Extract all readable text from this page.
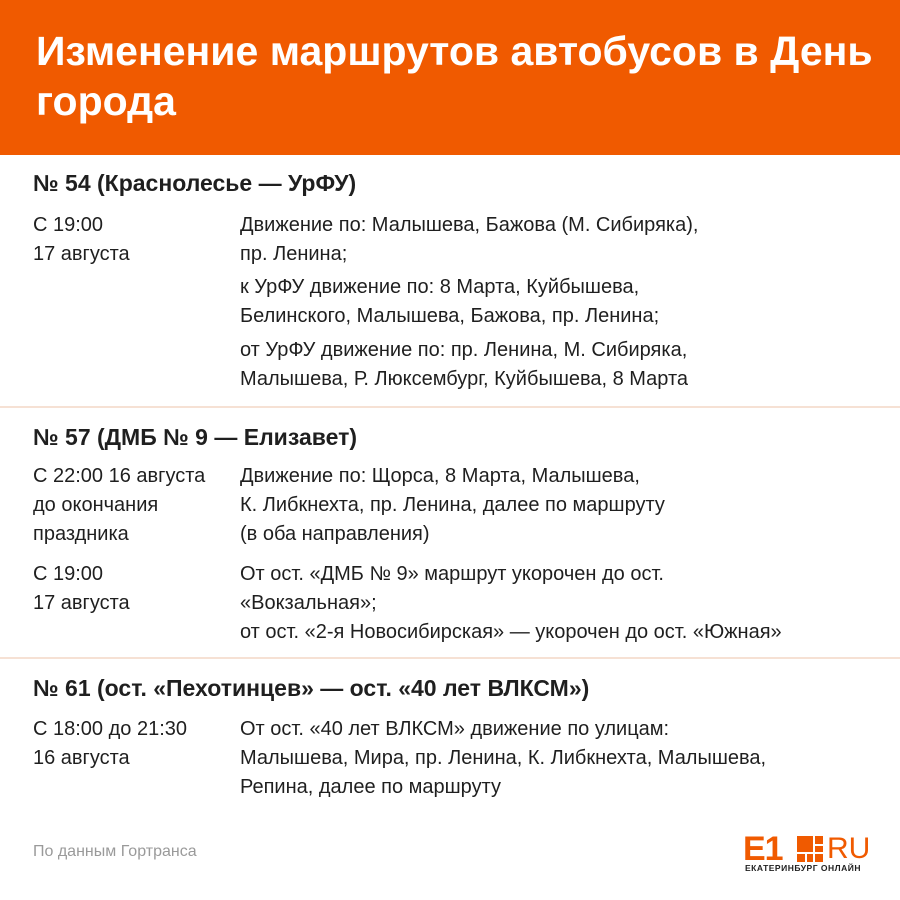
Изменение маршрутов автобусов в День города
№ 54 (Краснолесье — УрФУ)
С 19:00
17 августа
Движение по: Малышева, Бажова (М. Сибиряка),
пр. Ленина;
к УрФУ движение по: 8 Марта, Куйбышева,
Белинского, Малышева, Бажова, пр. Ленина;
от УрФУ движение по: пр. Ленина, М. Сибиряка,
Малышева, Р. Люксембург, Куйбышева, 8 Марта
№ 57 (ДМБ № 9 — Елизавет)
С 22:00 16 августа
до окончания
праздника
Движение по: Щорса, 8 Марта, Малышева,
К. Либкнехта, пр. Ленина, далее по маршруту
(в оба направления)
С 19:00
17 августа
От ост. «ДМБ № 9» маршрут укорочен до ост.
«Вокзальная»;
от ост. «2-я Новосибирская» — укорочен до ост. «Южная»
№ 61 (ост. «Пехотинцев» — ост. «40 лет ВЛКСМ»)
С 18:00 до 21:30
16 августа
От ост. «40 лет ВЛКСМ» движение по улицам:
Малышева, Мира, пр. Ленина, К. Либкнехта, Малышева,
Репина, далее по маршруту
По данным Гортранса	E1 RU
ЕКАТЕРИНБУРГ ОНЛАЙН
